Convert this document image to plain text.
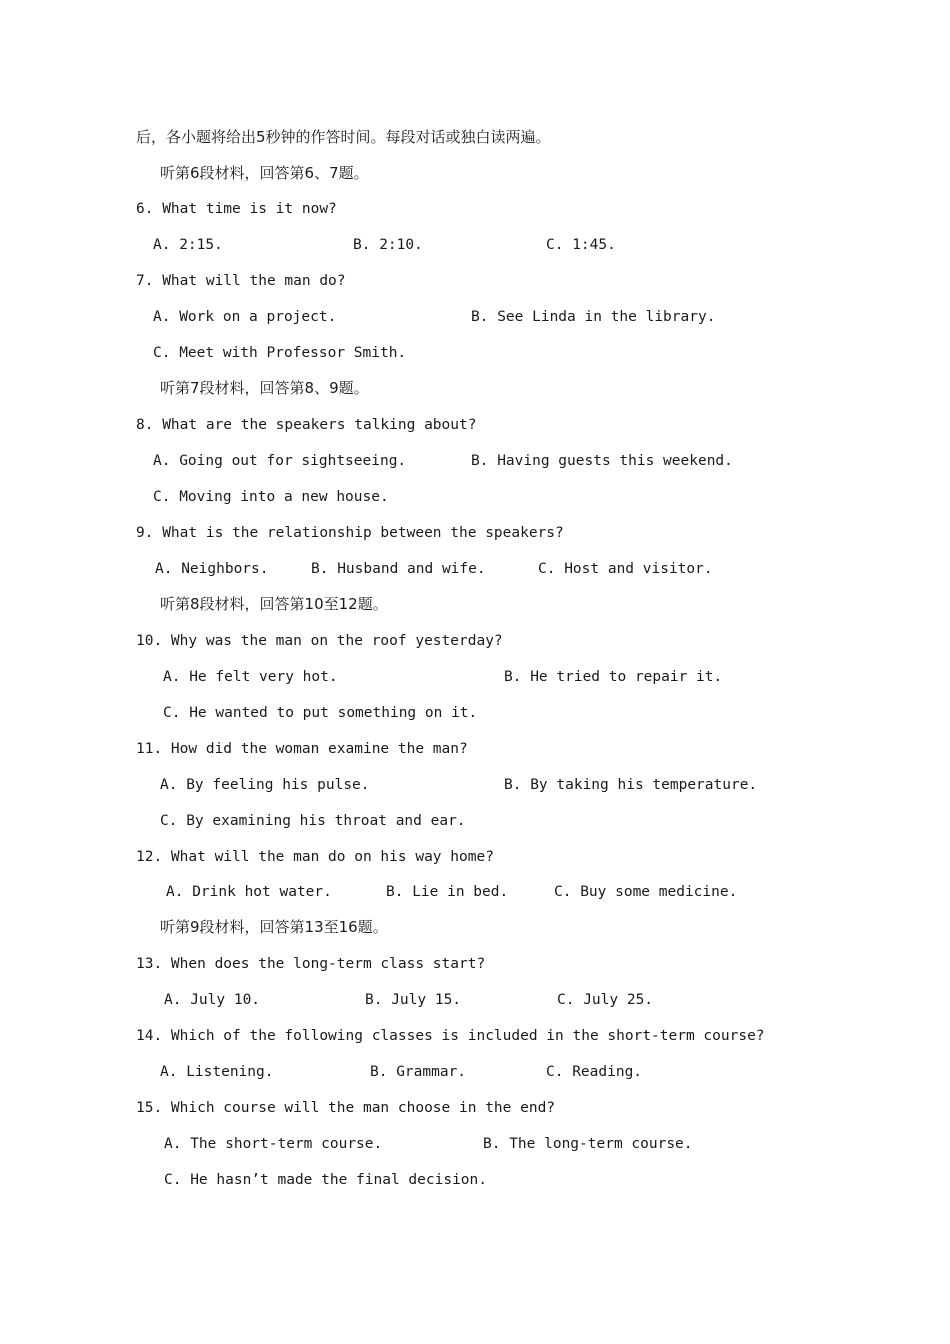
后，各小题将给出5秒钟的作答时间。每段对话或独白读两遍。
听第6段材料，回答第6、7题。
6. What time is it now?
A. 2:15.	B. 2:10.	C. 1:45.
7. What will the man do?
A. Work on a project.	B. See Linda in the library.
C. Meet with Professor Smith.
听第7段材料，回答第8、9题。
8. What are the speakers talking about?
A. Going out for sightseeing.	B. Having guests this weekend.
C. Moving into a new house.
9. What is the relationship between the speakers?
A. Neighbors.	B. Husband and wife.	C. Host and visitor.
听第8段材料，回答第10至12题。
10. Why was the man on the roof yesterday?
A. He felt very hot.	B. He tried to repair it.
C. He wanted to put something on it.
11. How did the woman examine the man?
A. By feeling his pulse.	B. By taking his temperature.
C. By examining his throat and ear.
12. What will the man do on his way home?
A. Drink hot water.	B. Lie in bed.	C. Buy some medicine.
听第9段材料，回答第13至16题。
13. When does the long-term class start?
A. July 10.	B. July 15.	C. July 25.
14. Which of the following classes is included in the short-term course?
A. Listening.	B. Grammar.	C. Reading.
15. Which course will the man choose in the end?
A. The short-term course.	B. The long-term course.
C. He hasn’t made the final decision.
